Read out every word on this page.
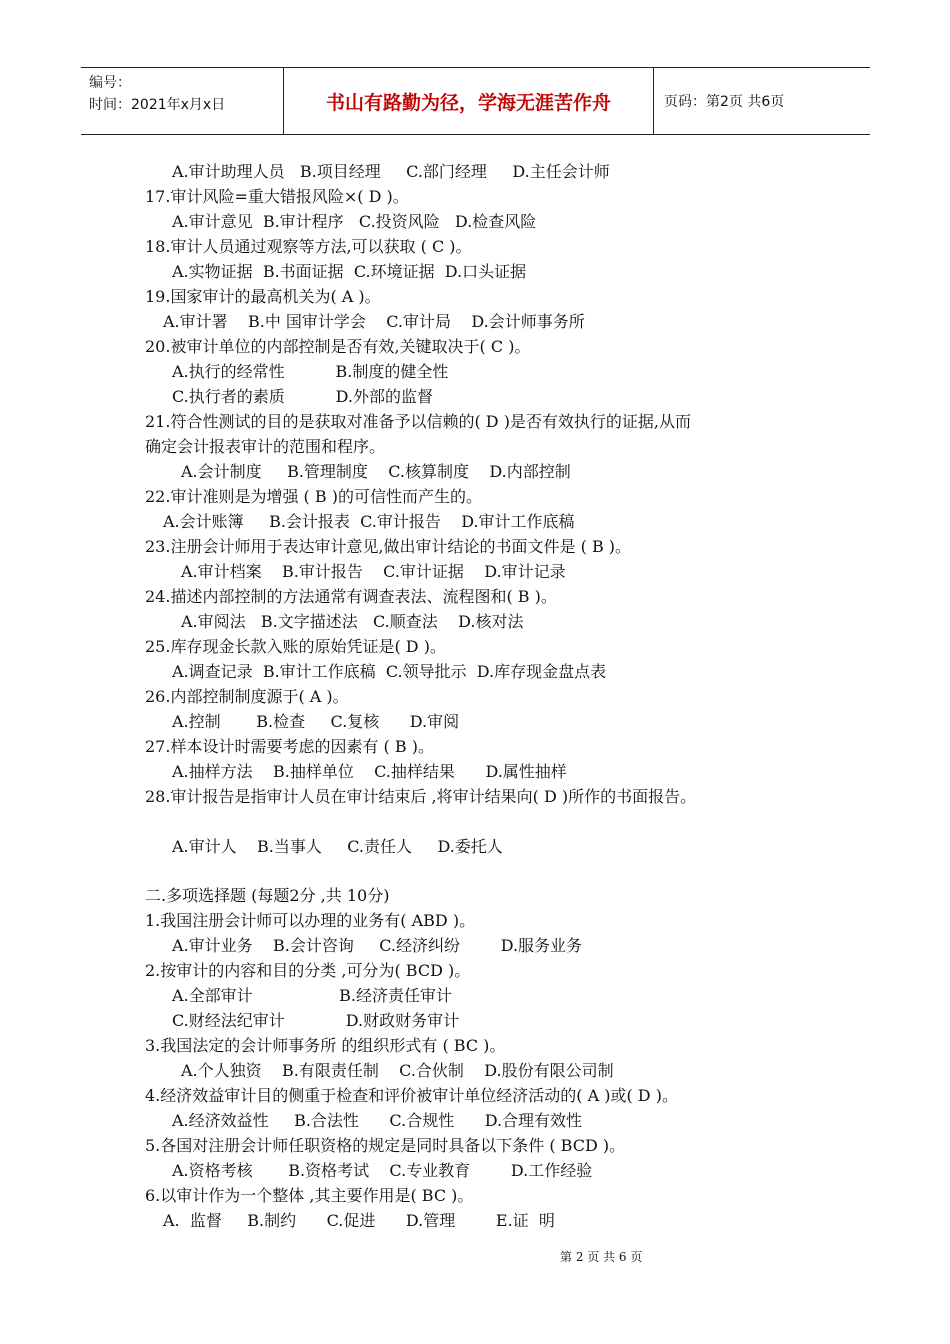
编号：
时间：2021年x月x日	书山有路勤为径，学海无涯苦作舟	页码：第2页 共6页
A.审计助理人员   B.项目经理     C.部门经理     D.主任会计师
17.审计风险=重大错报风险×( D )。
A.审计意见  B.审计程序   C.投资风险   D.检查风险
18.审计人员通过观察等方法,可以获取 ( C )。
A.实物证据  B.书面证据  C.环境证据  D.口头证据
19.国家审计的最高机关为( A )。
A.审计署    B.中 国审计学会    C.审计局    D.会计师事务所
20.被审计单位的内部控制是否有效,关键取决于( C )。
A.执行的经常性          B.制度的健全性
C.执行者的素质          D.外部的监督
21.符合性测试的目的是获取对准备予以信赖的( D )是否有效执行的证据,从而
确定会计报表审计的范围和程序。
A.会计制度     B.管理制度    C.核算制度    D.内部控制
22.审计准则是为增强 ( B )的可信性而产生的。
A.会计账簿     B.会计报表  C.审计报告    D.审计工作底稿
23.注册会计师用于表达审计意见,做出审计结论的书面文件是 ( B )。
A.审计档案    B.审计报告    C.审计证据    D.审计记录
24.描述内部控制的方法通常有调查表法、流程图和( B )。
A.审阅法   B.文字描述法   C.顺查法    D.核对法
25.库存现金长款入账的原始凭证是( D )。
A.调查记录  B.审计工作底稿  C.领导批示  D.库存现金盘点表
26.内部控制制度源于( A )。
A.控制       B.检查     C.复核      D.审阅
27.样本设计时需要考虑的因素有 ( B )。
A.抽样方法    B.抽样单位    C.抽样结果      D.属性抽样
28.审计报告是指审计人员在审计结束后 ,将审计结果向( D )所作的书面报告。
A.审计人    B.当事人     C.责任人     D.委托人
二.多项选择题 (每题2分 ,共 10分)
1.我国注册会计师可以办理的业务有( ABD )。
A.审计业务    B.会计咨询     C.经济纠纷        D.服务业务
2.按审计的内容和目的分类 ,可分为( BCD )。
A.全部审计                 B.经济责任审计
C.财经法纪审计            D.财政财务审计
3.我国法定的会计师事务所 的组织形式有 ( BC )。
A.个人独资    B.有限责任制    C.合伙制    D.股份有限公司制
4.经济效益审计目的侧重于检查和评价被审计单位经济活动的( A )或( D )。
A.经济效益性     B.合法性      C.合规性      D.合理有效性
5.各国对注册会计师任职资格的规定是同时具备以下条件 ( BCD )。
A.资格考核       B.资格考试    C.专业教育        D.工作经验
6.以审计作为一个整体 ,其主要作用是( BC )。
A.  监督     B.制约      C.促进      D.管理        E.证  明
第 2 页 共 6 页
